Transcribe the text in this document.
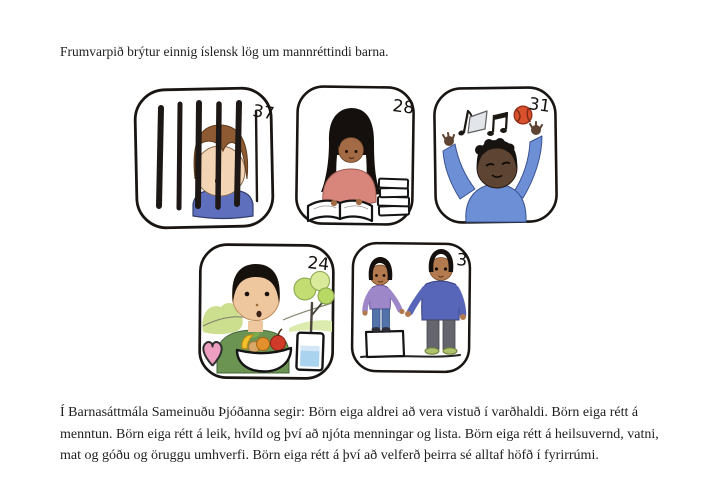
Frumvarpið brýtur einnig íslensk lög um mannréttindi barna.

37	28	31
24	3
Í Barnasáttmála Sameinuðu Þjóðanna segir: Börn eiga aldrei að vera vistuð í varðhaldi. Börn eiga rétt á
menntun. Börn eiga rétt á leik, hvíld og því að njóta menningar og lista. Börn eiga rétt á heilsuvernd, vatni,
mat og góðu og öruggu umhverfi. Börn eiga rétt á því að velferð þeirra sé alltaf höfð í fyrirrúmi.
